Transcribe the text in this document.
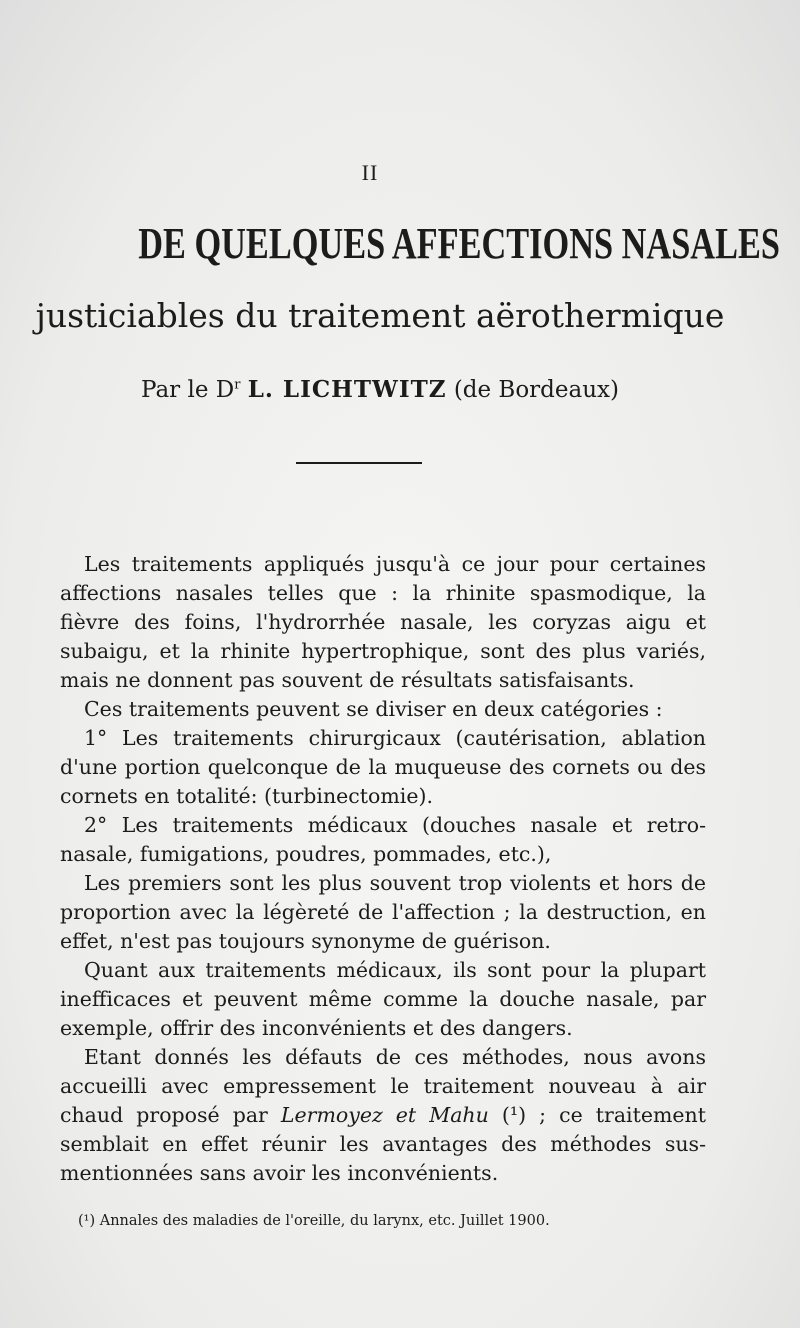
II
DE QUELQUES AFFECTIONS NASALES
justiciables du traitement aërothermique
Par le $D^r$ L. LICHTWITZ (de Bordeaux)

Les traitements appliqués jusqu'à ce jour pour certaines affections nasales telles que : la rhinite spasmodique, la fièvre des foins, l'hydrorrhée nasale, les coryzas aigu et subaigu, et la rhinite hypertrophique, sont des plus variés, mais ne donnent pas souvent de résultats satisfaisants.

Ces traitements peuvent se diviser en deux catégories :

1° Les traitements chirurgicaux (cautérisation, ablation d'une portion quelconque de la muqueuse des cornets ou des cornets en totalité: (turbinectomie).

2° Les traitements médicaux (douches nasale et retro-nasale, fumigations, poudres, pommades, etc.),

Les premiers sont les plus souvent trop violents et hors de proportion avec la légèreté de l'affection ; la destruction, en effet, n'est pas toujours synonyme de guérison.

Quant aux traitements médicaux, ils sont pour la plupart inefficaces et peuvent même comme la douche nasale, par exemple, offrir des inconvénients et des dangers.

Etant donnés les défauts de ces méthodes, nous avons accueilli avec empressement le traitement nouveau à air chaud proposé par Lermoyez et Mahu (¹) ; ce traitement semblait en effet réunir les avantages des méthodes sus-mentionnées sans avoir les inconvénients.

(¹) Annales des maladies de l'oreille, du larynx, etc. Juillet 1900.
